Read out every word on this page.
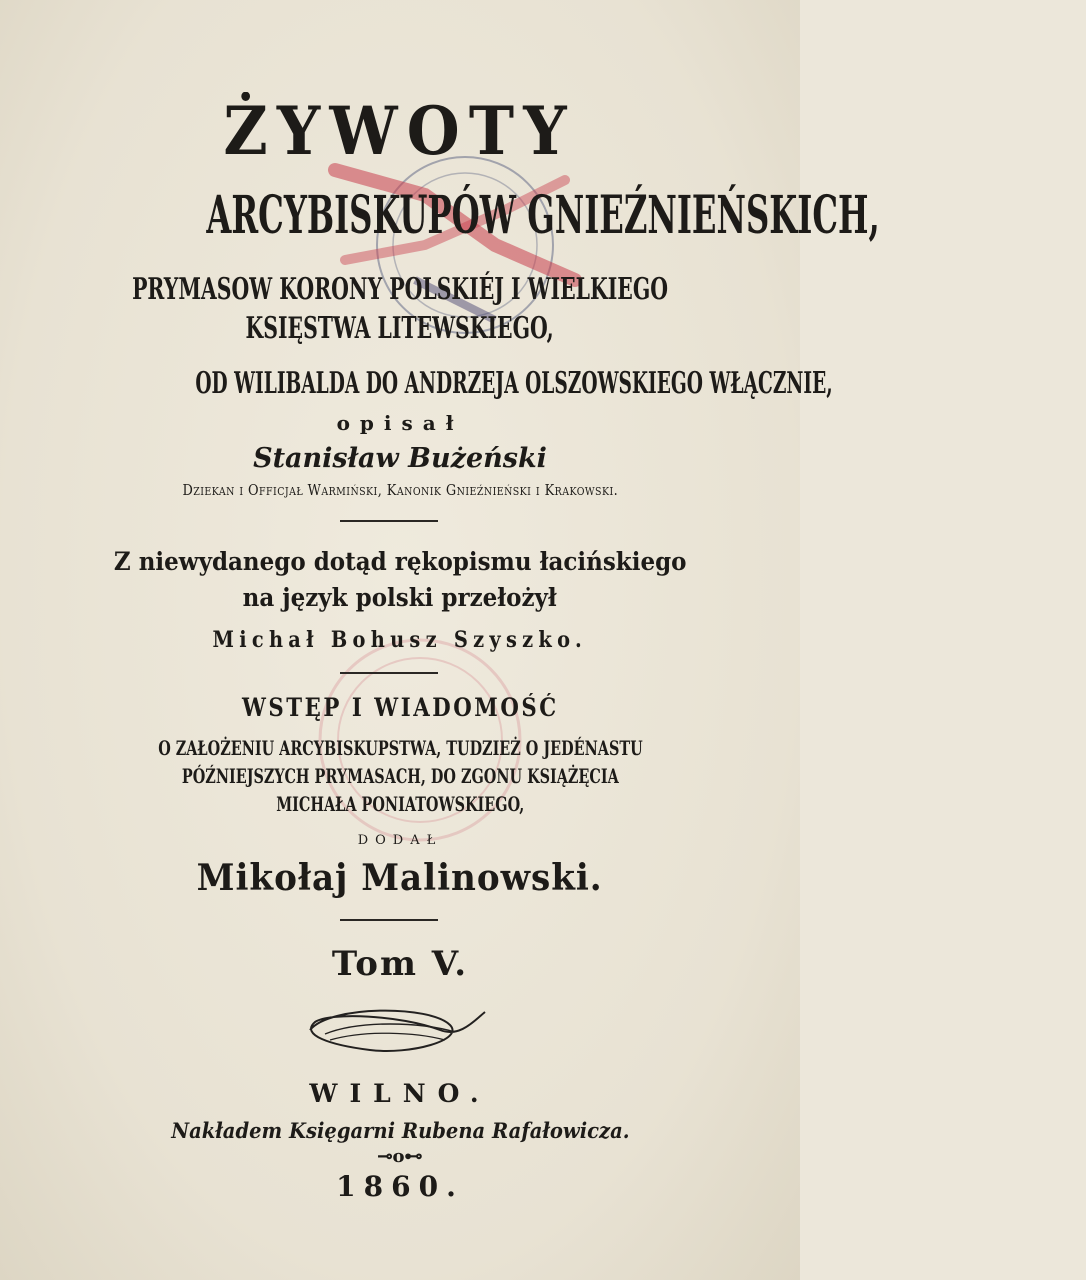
ŻYWOTY
ARCYBISKUPÓW GNIEŹNIEŃSKICH,
PRYMASOW KORONY POLSKIÉJ I WIELKIEGO
KSIĘSTWA LITEWSKIEGO,
OD WILIBALDA DO ANDRZEJA OLSZOWSKIEGO WŁĄCZNIE,
opisał
Stanisław Bużeński
Dziekan i Officjał Warmiński, Kanonik Gnieźnieński i Krakowski.
Z niewydanego dotąd rękopismu łacińskiego
na język polski przełożył
Michał Bohusz Szyszko.
WSTĘP I WIADOMOŚĆ
O ZAŁOŻENIU ARCYBISKUPSTWA, TUDZIEŻ O JEDÉNASTU
PÓŹNIEJSZYCH PRYMASACH, DO ZGONU KSIĄŻĘCIA
MICHAŁA PONIATOWSKIEGO,
DODAŁ
Mikołaj Malinowski.
Tom V.
WILNO.
Nakładem Księgarni Rubena Rafałowicza.
⊸o⊷
1860.
